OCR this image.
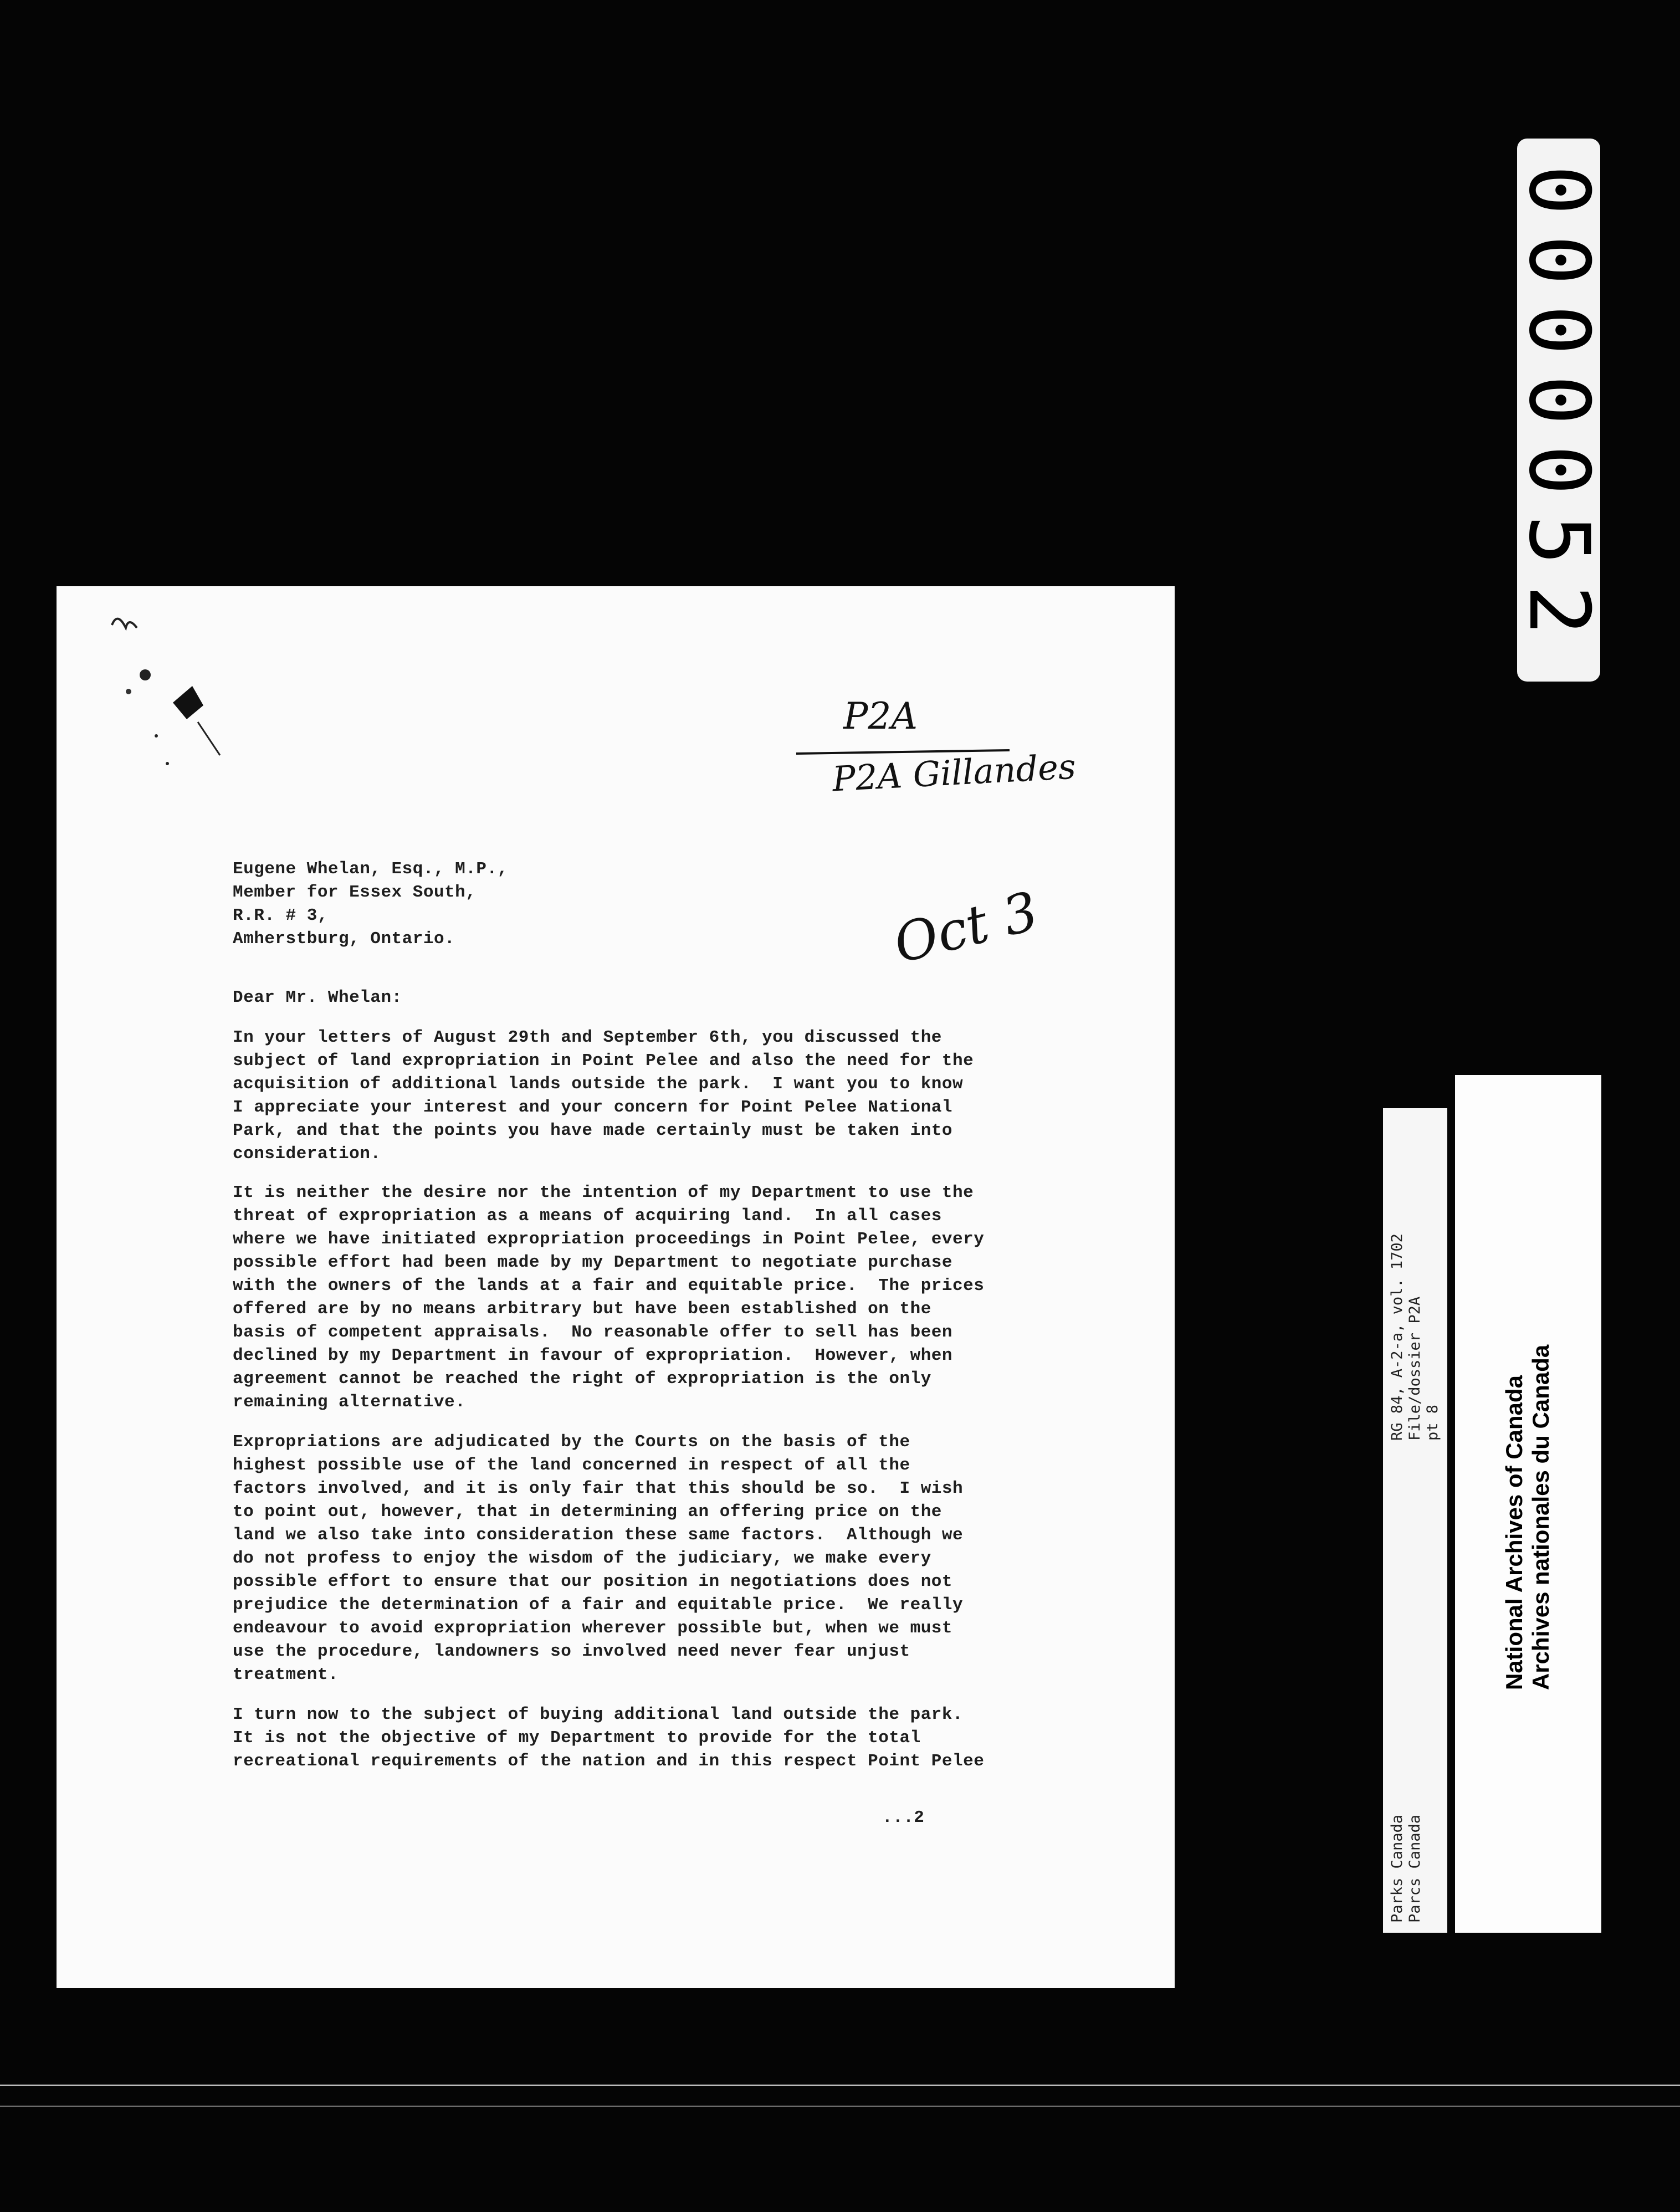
0000052
P2A
P2A Gillandes
Oct 3
Eugene Whelan, Esq., M.P.,
Member for Essex South,
R.R. # 3,
Amherstburg, Ontario.
Dear Mr. Whelan:
In your letters of August 29th and September 6th, you discussed the
subject of land expropriation in Point Pelee and also the need for the
acquisition of additional lands outside the park.  I want you to know
I appreciate your interest and your concern for Point Pelee National
Park, and that the points you have made certainly must be taken into
consideration.
It is neither the desire nor the intention of my Department to use the
threat of expropriation as a means of acquiring land.  In all cases
where we have initiated expropriation proceedings in Point Pelee, every
possible effort had been made by my Department to negotiate purchase
with the owners of the lands at a fair and equitable price.  The prices
offered are by no means arbitrary but have been established on the
basis of competent appraisals.  No reasonable offer to sell has been
declined by my Department in favour of expropriation.  However, when
agreement cannot be reached the right of expropriation is the only
remaining alternative.
Expropriations are adjudicated by the Courts on the basis of the
highest possible use of the land concerned in respect of all the
factors involved, and it is only fair that this should be so.  I wish
to point out, however, that in determining an offering price on the
land we also take into consideration these same factors.  Although we
do not profess to enjoy the wisdom of the judiciary, we make every
possible effort to ensure that our position in negotiations does not
prejudice the determination of a fair and equitable price.  We really
endeavour to avoid expropriation wherever possible but, when we must
use the procedure, landowners so involved need never fear unjust
treatment.
I turn now to the subject of buying additional land outside the park.
It is not the objective of my Department to provide for the total
recreational requirements of the nation and in this respect Point Pelee
...2
RG 84, A-2-a, vol. 1702 File/dossier P2A pt 8
Parks Canada Parcs Canada
National Archives of Canada Archives nationales du Canada
